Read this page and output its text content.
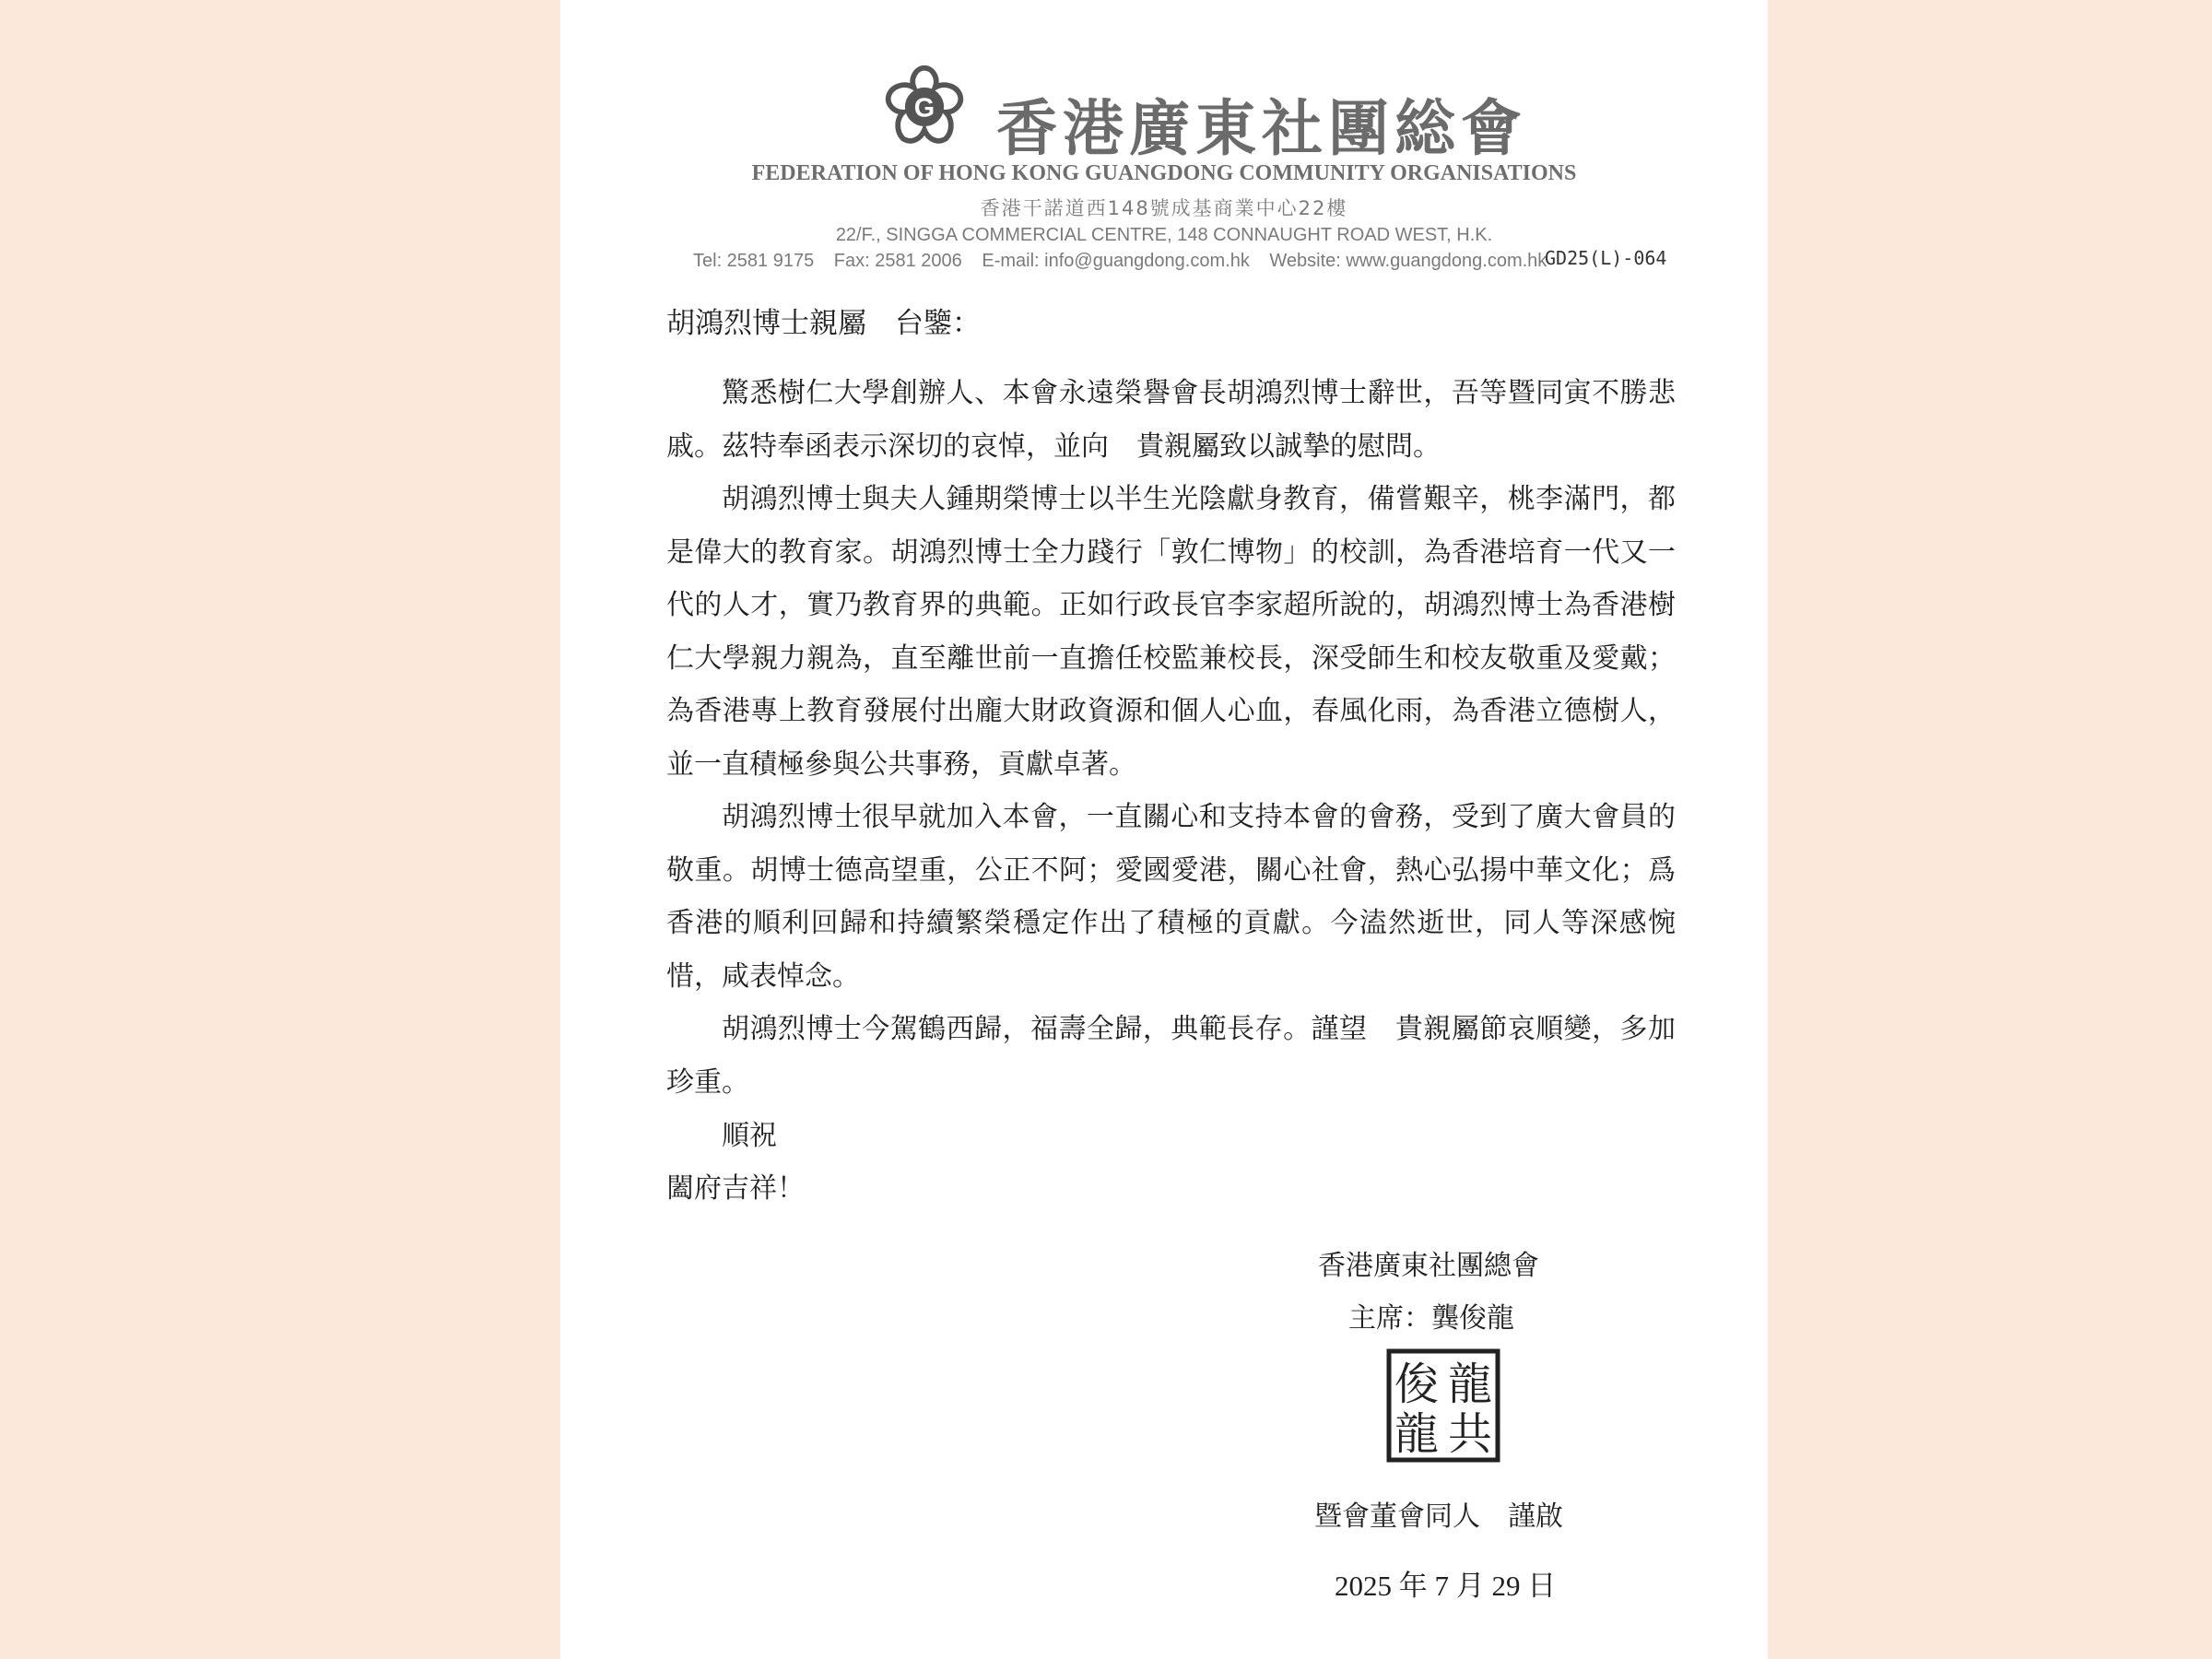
G 香港廣東社團総會
FEDERATION OF HONG KONG GUANGDONG COMMUNITY ORGANISATIONS
香港干諾道西148號成基商業中心22樓
22/F., SINGGA COMMERCIAL CENTRE, 148 CONNAUGHT ROAD WEST, H.K.
Tel: 2581 9175 Fax: 2581 2006 E-mail: info@guangdong.com.hk Website: www.guangdong.com.hk
GD25(L)-064
胡鴻烈博士親屬　台鑒：

驚悉樹仁大學創辦人、本會永遠榮譽會長胡鴻烈博士辭世，吾等暨同寅不勝悲戚。茲特奉函表示深切的哀悼，並向　貴親屬致以誠摯的慰問。

胡鴻烈博士與夫人鍾期榮博士以半生光陰獻身教育，備嘗艱辛，桃李滿門，都是偉大的教育家。胡鴻烈博士全力踐行「敦仁博物」的校訓，為香港培育一代又一代的人才，實乃教育界的典範。正如行政長官李家超所說的，胡鴻烈博士為香港樹仁大學親力親為，直至離世前一直擔任校監兼校長，深受師生和校友敬重及愛戴；為香港專上教育發展付出龐大財政資源和個人心血，春風化雨，為香港立德樹人，並一直積極參與公共事務，貢獻卓著。

胡鴻烈博士很早就加入本會，一直關心和支持本會的會務，受到了廣大會員的敬重。胡博士德高望重，公正不阿；愛國愛港，關心社會，熱心弘揚中華文化；爲香港的順利回歸和持續繁榮穩定作出了積極的貢獻。今溘然逝世，同人等深感惋惜，咸表悼念。

胡鴻烈博士今駕鶴西歸，福壽全歸，典範長存。謹望　貴親屬節哀順變，多加珍重。

順祝
闔府吉祥！
香港廣東社團總會
主席：龔俊龍
龍
共
俊
龍
暨會董會同人　謹啟
2025 年 7 月 29 日
